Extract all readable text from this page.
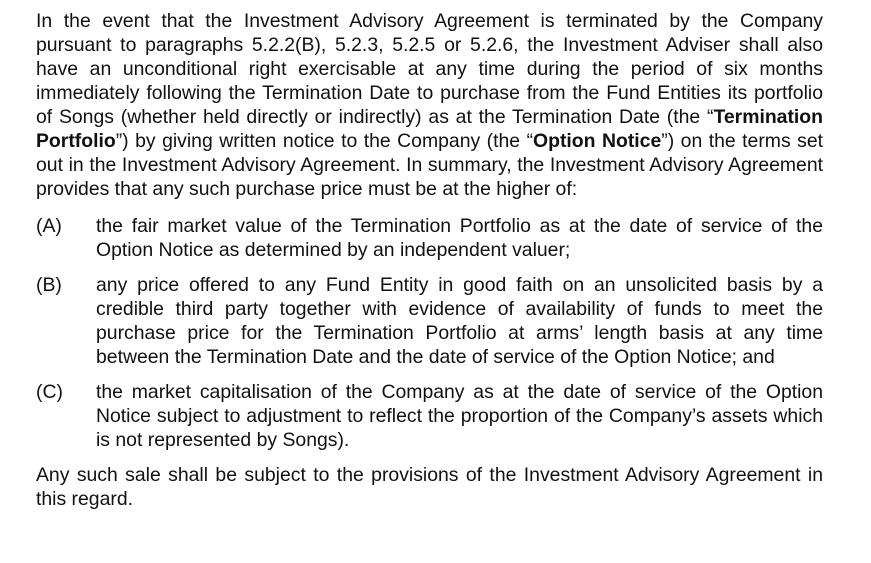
In the event that the Investment Advisory Agreement is terminated by the Company pursuant to paragraphs 5.2.2(B), 5.2.3, 5.2.5 or 5.2.6, the Investment Adviser shall also have an unconditional right exercisable at any time during the period of six months immediately following the Termination Date to purchase from the Fund Entities its portfolio of Songs (whether held directly or indirectly) as at the Termination Date (the “Termination Portfolio”) by giving written notice to the Company (the “Option Notice”) on the terms set out in the Investment Advisory Agreement. In summary, the Investment Advisory Agreement provides that any such purchase price must be at the higher of:

(A)	the fair market value of the Termination Portfolio as at the date of service of the Option Notice as determined by an independent valuer;
(B)	any price offered to any Fund Entity in good faith on an unsolicited basis by a credible third party together with evidence of availability of funds to meet the purchase price for the Termination Portfolio at arms’ length basis at any time between the Termination Date and the date of service of the Option Notice; and
(C)	the market capitalisation of the Company as at the date of service of the Option Notice subject to adjustment to reflect the proportion of the Company’s assets which is not represented by Songs).

Any such sale shall be subject to the provisions of the Investment Advisory Agreement in this regard.
